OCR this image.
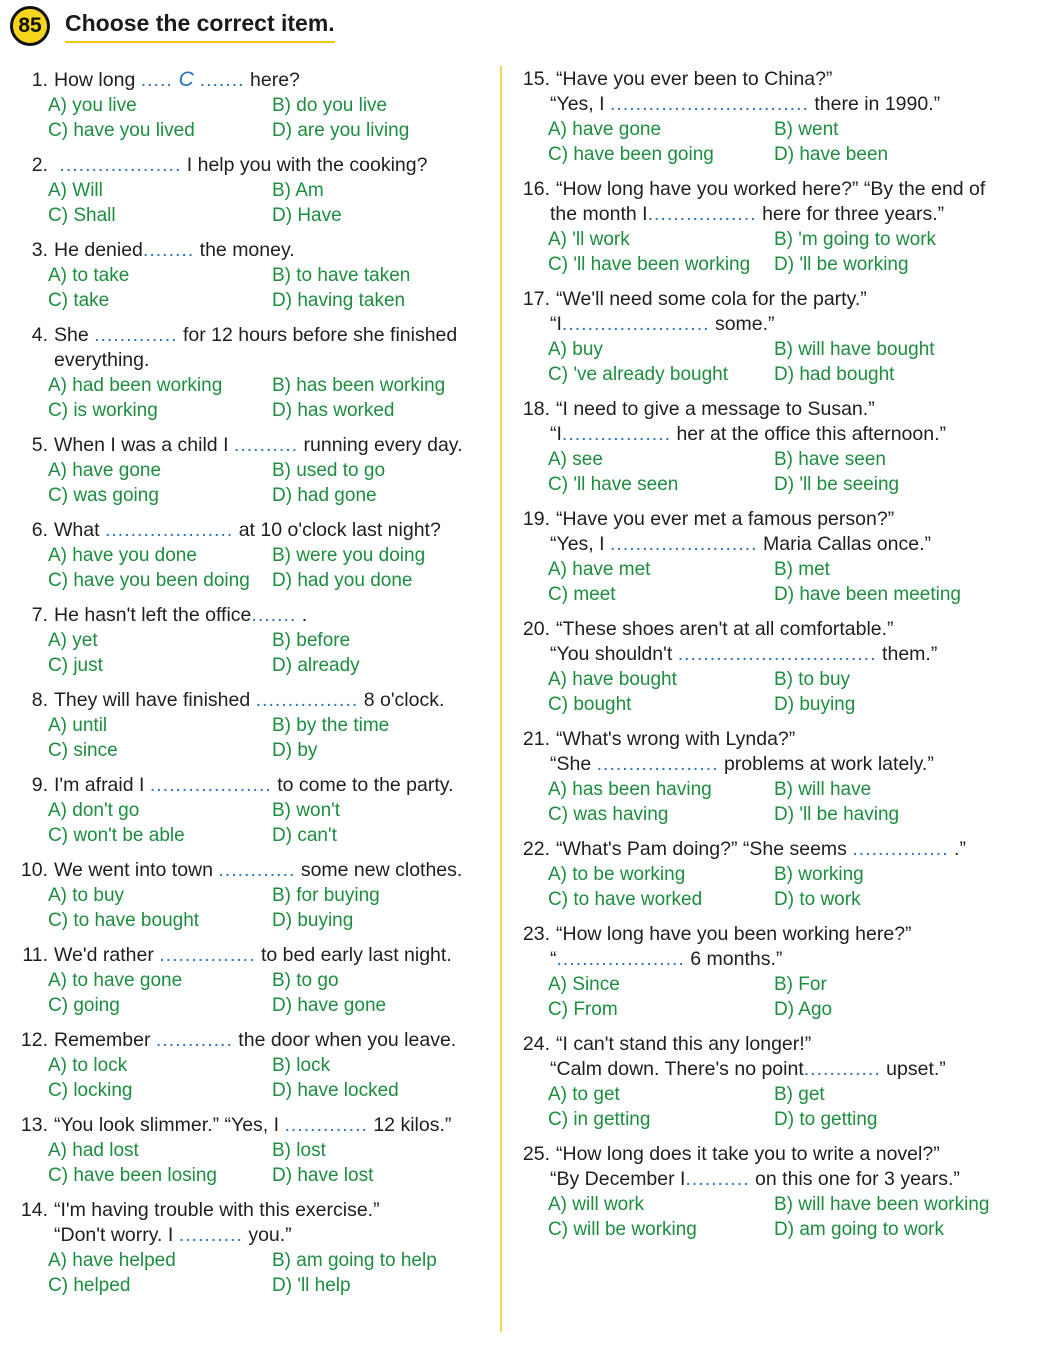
85	Choose the correct item.
1. How long ..... C ....... here?
A) you live	B) do you live
C) have you lived	D) are you living
2. ................... I help you with the cooking?
A) Will	B) Am
C) Shall	D) Have
3. He denied........ the money.
A) to take	B) to have taken
C) take	D) having taken
4. She ............. for 12 hours before she finished
everything.
A) had been working	B) has been working
C) is working	D) has worked
5. When I was a child I .......... running every day.
A) have gone	B) used to go
C) was going	D) had gone
6. What .................... at 10 o'clock last night?
A) have you done	B) were you doing
C) have you been doing	D) had you done
7. He hasn't left the office....... .
A) yet	B) before
C) just	D) already
8. They will have finished ................ 8 o'clock.
A) until	B) by the time
C) since	D) by
9. I'm afraid I ................... to come to the party.
A) don't go	B) won't
C) won't be able	D) can't
10. We went into town ............ some new clothes.
A) to buy	B) for buying
C) to have bought	D) buying
11. We'd rather ............... to bed early last night.
A) to have gone	B) to go
C) going	D) have gone
12. Remember ............ the door when you leave.
A) to lock	B) lock
C) locking	D) have locked
13. “You look slimmer.” “Yes, I ............. 12 kilos.”
A) had lost	B) lost
C) have been losing	D) have lost
14. “I'm having trouble with this exercise.”
“Don't worry. I .......... you.”
A) have helped	B) am going to help
C) helped	D) 'll help
15. “Have you ever been to China?”
“Yes, I ............................... there in 1990.”
A) have gone	B) went
C) have been going	D) have been
16. “How long have you worked here?” “By the end of
the month I................. here for three years.”
A) 'll work	B) 'm going to work
C) 'll have been working	D) 'll be working
17. “We'll need some cola for the party.”
“I....................... some.”
A) buy	B) will have bought
C) 've already bought	D) had bought
18. “I need to give a message to Susan.”
“I................. her at the office this afternoon.”
A) see	B) have seen
C) 'll have seen	D) 'll be seeing
19. “Have you ever met a famous person?”
“Yes, I ....................... Maria Callas once.”
A) have met	B) met
C) meet	D) have been meeting
20. “These shoes aren't at all comfortable.”
“You shouldn't ............................... them.”
A) have bought	B) to buy
C) bought	D) buying
21. “What's wrong with Lynda?”
“She ................... problems at work lately.”
A) has been having	B) will have
C) was having	D) 'll be having
22. “What's Pam doing?” “She seems ............... .”
A) to be working	B) working
C) to have worked	D) to work
23. “How long have you been working here?”
“.................... 6 months.”
A) Since	B) For
C) From	D) Ago
24. “I can't stand this any longer!”
“Calm down. There's no point............ upset.”
A) to get	B) get
C) in getting	D) to getting
25. “How long does it take you to write a novel?”
“By December I.......... on this one for 3 years.”
A) will work	B) will have been working
C) will be working	D) am going to work
